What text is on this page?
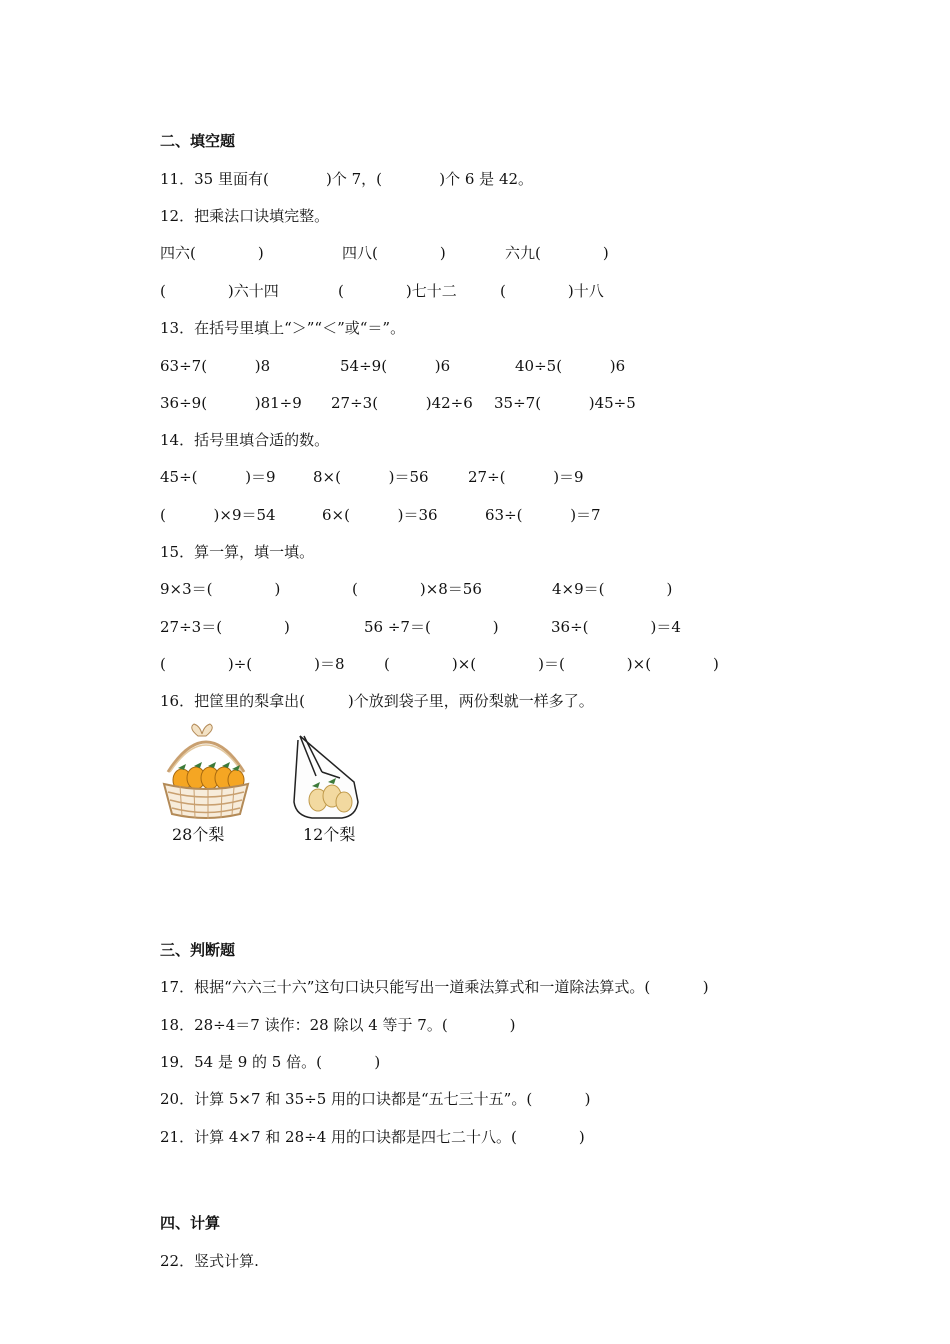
二、填空题
11．35 里面有(            )个 7，(            )个 6 是 42。
12．把乘法口诀填完整。
四六(             )	四八(             )	六九(             )
(             )六十四	(             )七十二	(             )十八
13．在括号里填上“＞”“＜”或“＝”。
63÷7(          )8	54÷9(          )6	40÷5(          )6
36÷9(          )81÷9 27÷3(          )42÷6 35÷7(          )45÷5
14．括号里填合适的数。
45÷(          )＝9 8×(          )＝56	27÷(          )＝9
(          )×9＝54	6×(          )＝36	63÷(          )＝7
15．算一算，填一填。
9×3＝(             )	(             )×8＝56	4×9＝(             )
27÷3＝(             )	56 ÷7＝(             )	36÷(             )＝4
(             )÷(             )＝8	(             )×(             )＝(             )×(             )
16．把筐里的梨拿出(         )个放到袋子里，两份梨就一样多了。
28个梨	12个梨
三、判断题
17．根据“六六三十六”这句口诀只能写出一道乘法算式和一道除法算式。(           )
18．28÷4＝7 读作：28 除以 4 等于 7。(             )
19．54 是 9 的 5 倍。(           )
20．计算 5×7 和 35÷5 用的口诀都是“五七三十五”。(           )
21．计算 4×7 和 28÷4 用的口诀都是四七二十八。(             )
四、计算
22．竖式计算.
